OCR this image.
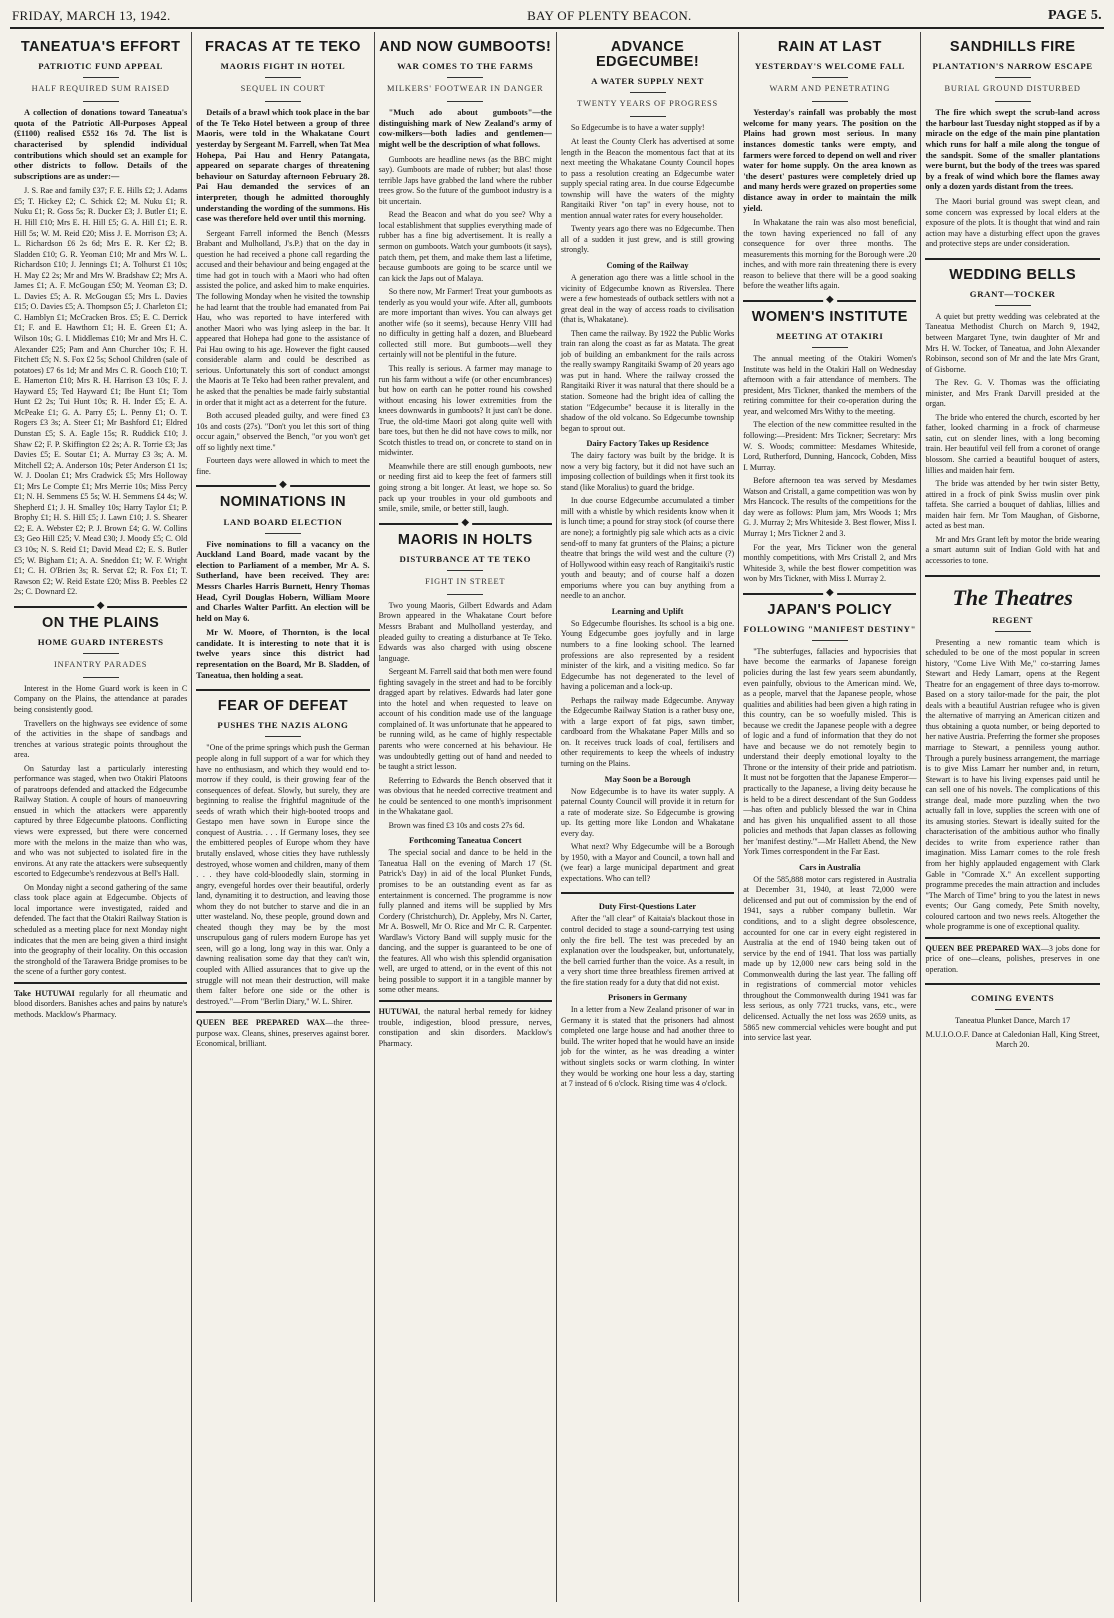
FRIDAY, MARCH 13, 1942.	BAY OF PLENTY BEACON.	PAGE 5.
TANEATUA'S EFFORT
PATRIOTIC FUND APPEAL
HALF REQUIRED SUM RAISED

A collection of donations toward Taneatua's quota of the Patriotic All-Purposes Appeal (£1100) realised £552 16s 7d. The list is characterised by splendid individual contributions which should set an example for other districts to follow. Details of the subscriptions are as under:—

J. S. Rae and family £37; F. E. Hills £2; J. Adams £5; T. Hickey £2; C. Schick £2; M. Nuku £1; R. Nuku £1; R. Goss 5s; R. Ducker £3; J. Butler £1; E. H. Hill £10; Mrs E. H. Hill £5; G. A. Hill £1; E. R. Hill 5s; W. M. Reid £20; Miss J. E. Morrison £3; A. L. Richardson £6 2s 6d; Mrs E. R. Ker £2; B. Sladden £10; G. R. Yeoman £10; Mr and Mrs W. L. Richardson £10; J. Jennings £1; A. Tolhurst £1 10s; H. May £2 2s; Mr and Mrs W. Bradshaw £2; Mrs A. James £1; A. F. McGougan £50; M. Yeoman £3; D. L. Davies £5; A. R. McGougan £5; Mrs L. Davies £15; O. Davies £5; A. Thompson £5; J. Charleton £1; C. Hamblyn £1; McCracken Bros. £5; E. C. Derrick £1; F. and E. Hawthorn £1; H. E. Green £1; A. Wilson 10s; G. I. Middlemas £10; Mr and Mrs H. C. Alexander £25; Pam and Ann Churcher 10s; F. H. Fitchett £5; N. S. Fox £2 5s; School Children (sale of potatoes) £7 6s 1d; Mr and Mrs C. R. Gooch £10; T. E. Hamerton £10; Mrs R. H. Harrison £3 10s; F. J. Hayward £5; Ted Hayward £1; Ibe Hunt £1; Tom Hunt £2 2s; Tui Hunt 10s; R. H. Inder £5; E. A. McPeake £1; G. A. Parry £5; L. Penny £1; O. T. Rogers £3 3s; A. Steer £1; Mr Bashford £1; Eldred Dunstan £5; S. A. Eagle 15s; R. Ruddick £10; J. Shaw £2; F. P. Skiffington £2 2s; A. R. Torrie £3; Jas Davies £5; E. Soutar £1; A. Murray £3 3s; A. M. Mitchell £2; A. Anderson 10s; Peter Anderson £1 1s; W. J. Doolan £1; Mrs Cradwick £5; Mrs Holloway £1; Mrs Le Compte £1; Mrs Merrie 10s; Miss Percy £1; N. H. Semmens £5 5s; W. H. Semmens £4 4s; W. Shepherd £1; J. H. Smalley 10s; Harry Taylor £1; P. Brophy £1; H. S. Hill £5; J. Lawn £10; J. S. Shearer £2; E. A. Webster £2; P. J. Brown £4; G. W. Collins £3; Geo Hill £25; V. Mead £30; J. Moody £5; C. Old £3 10s; N. S. Reid £1; David Mead £2; E. S. Butler £5; W. Bigham £1; A. A. Sneddon £1; W. F. Wright £1; C. H. O'Brien 3s; R. Servat £2; R. Fox £1; T. Rawson £2; W. Reid Estate £20; Miss B. Peebles £2 2s; C. Downard £2.

◆
ON THE PLAINS
HOME GUARD INTERESTS
INFANTRY PARADES

Interest in the Home Guard work is keen in C Company on the Plains, the attendance at parades being consistently good.

Travellers on the highways see evidence of some of the activities in the shape of sandbags and trenches at various strategic points throughout the area.

On Saturday last a particularly interesting performance was staged, when two Otakiri Platoons of paratroops defended and attacked the Edgecumbe Railway Station. A couple of hours of manoeuvring ensued in which the attackers were apparently captured by three Edgecumbe platoons. Conflicting views were expressed, but there were concerned more with the melons in the maize than who was, and who was not subjected to isolated fire in the environs. At any rate the attackers were subsequently escorted to Edgecumbe's rendezvous at Bell's Hall.

On Monday night a second gathering of the same class took place again at Edgecumbe. Objects of local importance were investigated, raided and defended. The fact that the Otakiri Railway Station is scheduled as a meeting place for next Monday night indicates that the men are being given a third insight into the geography of their locality. On this occasion the stronghold of the Tarawera Bridge promises to be the scene of a further gory contest.

Take HUTUWAI regularly for all rheumatic and blood disorders. Banishes aches and pains by nature's methods. Macklow's Pharmacy.
FRACAS AT TE TEKO
MAORIS FIGHT IN HOTEL
SEQUEL IN COURT

Details of a brawl which took place in the bar of the Te Teko Hotel between a group of three Maoris, were told in the Whakatane Court yesterday by Sergeant M. Farrell, when Tat Mea Hohepa, Pai Hau and Henry Patangata, appeared on separate charges of threatening behaviour on Saturday afternoon February 28. Pai Hau demanded the services of an interpreter, though he admitted thoroughly understanding the wording of the summons. His case was therefore held over until this morning.

Sergeant Farrell informed the Bench (Messrs Brabant and Mulholland, J's.P.) that on the day in question he had received a phone call regarding the accused and their behaviour and being engaged at the time had got in touch with a Maori who had often assisted the police, and asked him to make enquiries. The following Monday when he visited the township he had learnt that the trouble had emanated from Pai Hau, who was reported to have interfered with another Maori who was lying asleep in the bar. It appeared that Hohepa had gone to the assistance of Pai Hau owing to his age. However the fight caused considerable alarm and could be described as serious. Unfortunately this sort of conduct amongst the Maoris at Te Teko had been rather prevalent, and he asked that the penalties be made fairly substantial in order that it might act as a deterrent for the future.

Both accused pleaded guilty, and were fined £3 10s and costs (27s). "Don't you let this sort of thing occur again," observed the Bench, "or you won't get off so lightly next time."

Fourteen days were allowed in which to meet the fine.

◆
NOMINATIONS IN
LAND BOARD ELECTION

Five nominations to fill a vacancy on the Auckland Land Board, made vacant by the election to Parliament of a member, Mr A. S. Sutherland, have been received. They are: Messrs Charles Harris Burnett, Henry Thomas Head, Cyril Douglas Hobern, William Moore and Charles Walter Parfitt. An election will be held on May 6.

Mr W. Moore, of Thornton, is the local candidate. It is interesting to note that it is twelve years since this district had representation on the Board, Mr B. Sladden, of Taneatua, then holding a seat.

FEAR OF DEFEAT
PUSHES THE NAZIS ALONG

"One of the prime springs which push the German people along in full support of a war for which they have no enthusiasm, and which they would end to-morrow if they could, is their growing fear of the consequences of defeat. Slowly, but surely, they are beginning to realise the frightful magnitude of the seeds of wrath which their high-booted troops and Gestapo men have sown in Europe since the conquest of Austria. . . . If Germany loses, they see the embittered peoples of Europe whom they have brutally enslaved, whose cities they have ruthlessly destroyed, whose women and children, many of them . . . they have cold-bloodedly slain, storming in angry, evengeful hordes over their beautiful, orderly land, dynamiting it to destruction, and leaving those whom they do not butcher to starve and die in an utter wasteland. No, these people, ground down and cheated though they may be by the most unscrupulous gang of rulers modern Europe has yet seen, will go a long, long way in this war. Only a dawning realisation some day that they can't win, coupled with Allied assurances that to give up the struggle will not mean their destruction, will make them falter before one side or the other is destroyed."—From "Berlin Diary," W. L. Shirer.

QUEEN BEE PREPARED WAX—the three-purpose wax. Cleans, shines, preserves against borer. Economical, brilliant.
AND NOW GUMBOOTS!
WAR COMES TO THE FARMS
MILKERS' FOOTWEAR IN DANGER

"Much ado about gumboots"—the distinguishing mark of New Zealand's army of cow-milkers—both ladies and gentlemen—might well be the description of what follows.

Gumboots are headline news (as the BBC might say). Gumboots are made of rubber; but alas! those terrible Japs have grabbed the land where the rubber trees grow. So the future of the gumboot industry is a bit uncertain.

Read the Beacon and what do you see? Why a local establishment that supplies everything made of rubber has a fine big advertisement. It is really a sermon on gumboots. Watch your gumboots (it says), patch them, pet them, and make them last a lifetime, because gumboots are going to be scarce until we can kick the Japs out of Malaya.

So there now, Mr Farmer! Treat your gumboots as tenderly as you would your wife. After all, gumboots are more important than wives. You can always get another wife (so it seems), because Henry VIII had no difficulty in getting half a dozen, and Bluebeard collected still more. But gumboots—well they certainly will not be plentiful in the future.

This really is serious. A farmer may manage to run his farm without a wife (or other encumbrances) but how on earth can he potter round his cowshed without encasing his lower extremities from the knees downwards in gumboots? It just can't be done. True, the old-time Maori got along quite well with bare toes, but then he did not have cows to milk, nor Scotch thistles to tread on, or concrete to stand on in midwinter.

Meanwhile there are still enough gumboots, new or needing first aid to keep the feet of farmers still going strong a bit longer. At least, we hope so. So pack up your troubles in your old gumboots and smile, smile, smile, or better still, laugh.

◆
MAORIS IN HOLTS
DISTURBANCE AT TE TEKO
FIGHT IN STREET

Two young Maoris, Gilbert Edwards and Adam Brown appeared in the Whakatane Court before Messrs Brabant and Mulholland yesterday, and pleaded guilty to creating a disturbance at Te Teko. Edwards was also charged with using obscene language.

Sergeant M. Farrell said that both men were found fighting savagely in the street and had to be forcibly dragged apart by relatives. Edwards had later gone into the hotel and when requested to leave on account of his condition made use of the language complained of. It was unfortunate that he appeared to be running wild, as he came of highly respectable parents who were concerned at his behaviour. He was undoubtedly getting out of hand and needed to be taught a strict lesson.

Referring to Edwards the Bench observed that it was obvious that he needed corrective treatment and he could be sentenced to one month's imprisonment in the Whakatane gaol.

Brown was fined £3 10s and costs 27s 6d.

Forthcoming Taneatua Concert

The special social and dance to be held in the Taneatua Hall on the evening of March 17 (St. Patrick's Day) in aid of the local Plunket Funds, promises to be an outstanding event as far as entertainment is concerned. The programme is now fully planned and items will be supplied by Mrs Cordery (Christchurch), Dr. Appleby, Mrs N. Carter, Mr A. Boswell, Mr O. Rice and Mr C. R. Carpenter. Wardlaw's Victory Band will supply music for the dancing, and the supper is guaranteed to be one of the features. All who wish this splendid organisation well, are urged to attend, or in the event of this not being possible to support it in a tangible manner by some other means.

HUTUWAI, the natural herbal remedy for kidney trouble, indigestion, blood pressure, nerves, constipation and skin disorders. Macklow's Pharmacy.
ADVANCE EDGECUMBE!
A WATER SUPPLY NEXT
TWENTY YEARS OF PROGRESS

So Edgecumbe is to have a water supply!

At least the County Clerk has advertised at some length in the Beacon the momentous fact that at its next meeting the Whakatane County Council hopes to pass a resolution creating an Edgecumbe water supply special rating area. In due course Edgecumbe township will have the waters of the mighty Rangitaiki River "on tap" in every house, not to mention annual water rates for every householder.

Twenty years ago there was no Edgecumbe. Then all of a sudden it just grew, and is still growing strongly.

Coming of the Railway

A generation ago there was a little school in the vicinity of Edgecumbe known as Riverslea. There were a few homesteads of outback settlers with not a great deal in the way of access roads to civilisation (that is, Whakatane).

Then came the railway. By 1922 the Public Works train ran along the coast as far as Matata. The great job of building an embankment for the rails across the really swampy Rangitaiki Swamp of 20 years ago was put in hand. Where the railway crossed the Rangitaiki River it was natural that there should be a station. Someone had the bright idea of calling the station "Edgecumbe" because it is literally in the shadow of the old volcano. So Edgecumbe township began to sprout out.

Dairy Factory Takes up Residence

The dairy factory was built by the bridge. It is now a very big factory, but it did not have such an imposing collection of buildings when it first took its stand (like Moralius) to guard the bridge.

In due course Edgecumbe accumulated a timber mill with a whistle by which residents know when it is lunch time; a pound for stray stock (of course there are none); a fortnightly pig sale which acts as a civic send-off to many fat grunters of the Plains; a picture theatre that brings the wild west and the culture (?) of Hollywood within easy reach of Rangitaiki's rustic youth and beauty; and of course half a dozen emporiums where you can buy anything from a needle to an anchor.

Learning and Uplift

So Edgecumbe flourishes. Its school is a big one. Young Edgecumbe goes joyfully and in large numbers to a fine looking school. The learned professions are also represented by a resident minister of the kirk, and a visiting medico. So far Edgecumbe has not degenerated to the level of having a policeman and a lock-up.

Perhaps the railway made Edgecumbe. Anyway the Edgecumbe Railway Station is a rather busy one, with a large export of fat pigs, sawn timber, cardboard from the Whakatane Paper Mills and so on. It receives truck loads of coal, fertilisers and other requirements to keep the wheels of industry turning on the Plains.

May Soon be a Borough

Now Edgecumbe is to have its water supply. A paternal County Council will provide it in return for a rate of moderate size. So Edgecumbe is growing up. Its getting more like London and Whakatane every day.

What next? Why Edgecumbe will be a Borough by 1950, with a Mayor and Council, a town hall and (we fear) a large municipal department and great expectations. Who can tell?

Duty First-Questions Later

After the "all clear" of Kaitaia's blackout those in control decided to stage a sound-carrying test using only the fire bell. The test was preceded by an explanation over the loudspeaker, but, unfortunately, the bell carried further than the voice. As a result, in a very short time three breathless firemen arrived at the fire station ready for a duty that did not exist.

Prisoners in Germany

In a letter from a New Zealand prisoner of war in Germany it is stated that the prisoners had almost completed one large house and had another three to build. The writer hoped that he would have an inside job for the winter, as he was dreading a winter without singlets socks or warm clothing. In winter they would be working one hour less a day, starting at 7 instead of 6 o'clock. Rising time was 4 o'clock.

RAIN AT LAST
YESTERDAY'S WELCOME FALL
WARM AND PENETRATING

Yesterday's rainfall was probably the most welcome for many years. The position on the Plains had grown most serious. In many instances domestic tanks were empty, and farmers were forced to depend on well and river water for home supply. On the area known as 'the desert' pastures were completely dried up and many herds were grazed on properties some distance away in order to maintain the milk yield.

In Whakatane the rain was also most beneficial, the town having experienced no fall of any consequence for over three months. The measurements this morning for the Borough were .20 inches, and with more rain threatening there is every reason to believe that there will be a good soaking before the weather lifts again.

◆
WOMEN'S INSTITUTE
MEETING AT OTAKIRI

The annual meeting of the Otakiri Women's Institute was held in the Otakiri Hall on Wednesday afternoon with a fair attendance of members. The president, Mrs Tickner, thanked the members of the retiring committee for their co-operation during the year, and welcomed Mrs Withy to the meeting.

The election of the new committee resulted in the following:—President: Mrs Tickner; Secretary: Mrs W. S. Woods; committee: Mesdames Whiteside, Lord, Rutherford, Dunning, Hancock, Cobden, Miss I. Murray.

Before afternoon tea was served by Mesdames Watson and Cristall, a game competition was won by Mrs Hancock. The results of the competitions for the day were as follows: Plum jam, Mrs Woods 1; Mrs G. J. Murray 2; Mrs Whiteside 3. Best flower, Miss I. Murray 1; Mrs Tickner 2 and 3.

For the year, Mrs Tickner won the general monthly competitions, with Mrs Cristall 2, and Mrs Whiteside 3, while the best flower competition was won by Mrs Tickner, with Miss I. Murray 2.

◆
JAPAN'S POLICY
FOLLOWING "MANIFEST DESTINY"

"The subterfuges, fallacies and hypocrisies that have become the earmarks of Japanese foreign policies during the last few years seem abundantly, even painfully, obvious to the American mind. We, as a people, marvel that the Japanese people, whose qualities and abilities had been given a high rating in this country, can be so woefully misled. This is because we credit the Japanese people with a degree of logic and a fund of information that they do not have and because we do not remotely begin to understand their deeply emotional loyalty to the Throne or the intensity of their pride and patriotism. It must not be forgotten that the Japanese Emperor—practically to the Japanese, a living deity because he is held to be a direct descendant of the Sun Goddess—has often and publicly blessed the war in China and has given his unqualified assent to all those policies and methods that Japan classes as following her 'manifest destiny.'"—Mr Hallett Abend, the New York Times correspondent in the Far East.

Cars in Australia

Of the 585,888 motor cars registered in Australia at December 31, 1940, at least 72,000 were delicensed and put out of commission by the end of 1941, says a rubber company bulletin. War conditions, and to a slight degree obsolescence, accounted for one car in every eight registered in Australia at the end of 1940 being taken out of service by the end of 1941. That loss was partially made up by 12,000 new cars being sold in the Commonwealth during the last year. The falling off in registrations of commercial motor vehicles throughout the Commonwealth during 1941 was far less serious, as only 7721 trucks, vans, etc., were delicensed. Actually the net loss was 2659 units, as 5865 new commercial vehicles were bought and put into service last year.

SANDHILLS FIRE
PLANTATION'S NARROW ESCAPE
BURIAL GROUND DISTURBED

The fire which swept the scrub-land across the harbour last Tuesday night stopped as if by a miracle on the edge of the main pine plantation which runs for half a mile along the tongue of the sandspit. Some of the smaller plantations were burnt, but the body of the trees was spared by a freak of wind which bore the flames away only a dozen yards distant from the trees.

The Maori burial ground was swept clean, and some concern was expressed by local elders at the exposure of the plots. It is thought that wind and rain action may have a disturbing effect upon the graves and protective steps are under consideration.

WEDDING BELLS
GRANT—TOCKER

A quiet but pretty wedding was celebrated at the Taneatua Methodist Church on March 9, 1942, between Margaret Tyne, twin daughter of Mr and Mrs H. W. Tocker, of Taneatua, and John Alexander Robinson, second son of Mr and the late Mrs Grant, of Gisborne.

The Rev. G. V. Thomas was the officiating minister, and Mrs Frank Darvill presided at the organ.

The bride who entered the church, escorted by her father, looked charming in a frock of charmeuse satin, cut on slender lines, with a long becoming train. Her beautiful veil fell from a coronet of orange blossom. She carried a beautiful bouquet of asters, lillies and maiden hair fern.

The bride was attended by her twin sister Betty, attired in a frock of pink Swiss muslin over pink taffeta. She carried a bouquet of dahlias, lillies and maiden hair fern. Mr Tom Maughan, of Gisborne, acted as best man.

Mr and Mrs Grant left by motor the bride wearing a smart autumn suit of Indian Gold with hat and accessories to tone.

The Theatres
REGENT

Presenting a new romantic team which is scheduled to be one of the most popular in screen history, "Come Live With Me," co-starring James Stewart and Hedy Lamarr, opens at the Regent Theatre for an engagement of three days to-morrow. Based on a story tailor-made for the pair, the plot deals with a beautiful Austrian refugee who is given the alternative of marrying an American citizen and thus obtaining a quota number, or being deported to her native Austria. Preferring the former she proposes marriage to Stewart, a penniless young author. Through a purely business arrangement, the marriage is to give Miss Lamarr her number and, in return, Stewart is to have his living expenses paid until he can sell one of his novels. The complications of this strange deal, made more puzzling when the two actually fall in love, supplies the screen with one of its amusing stories. Stewart is ideally suited for the characterisation of the ambitious author who finally decides to write from experience rather than imagination. Miss Lamarr comes to the role fresh from her highly applauded engagement with Clark Gable in "Comrade X." An excellent supporting programme precedes the main attraction and includes "The March of Time" bring to you the latest in news events; Our Gang comedy, Pete Smith novelty, coloured cartoon and two news reels. Altogether the whole programme is one of exceptional quality.

QUEEN BEE PREPARED WAX—3 jobs done for price of one—cleans, polishes, preserves in one operation.
COMING EVENTS
Taneatua Plunket Dance, March 17
M.U.I.O.O.F. Dance at Caledonian Hall, King Street, March 20.
